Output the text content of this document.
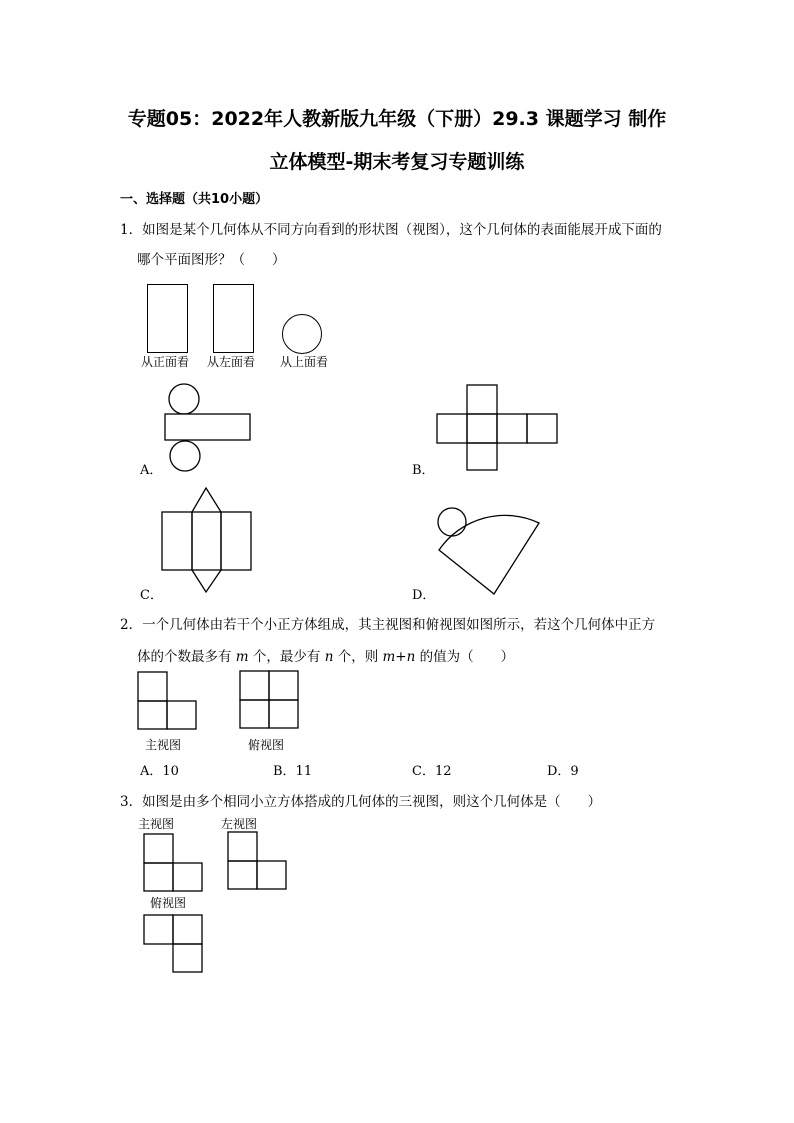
专题05：2022年人教新版九年级（下册）29.3 课题学习 制作
立体模型-期末考复习专题训练
一、选择题（共10小题）
1．如图是某个几何体从不同方向看到的形状图（视图），这个几何体的表面能展开成下面的
哪个平面图形？（　　）
从正面看 从左面看 从上面看
A．	B．
C．	D．
2．一个几何体由若干个小正方体组成，其主视图和俯视图如图所示，若这个几何体中正方
体的个数最多有 m 个，最少有 n 个，则 m+n 的值为（　　）
主视图	俯视图
A．10	B．11	C．12	D．9
3．如图是由多个相同小立方体搭成的几何体的三视图，则这个几何体是（　　）
主视图	左视图
俯视图
